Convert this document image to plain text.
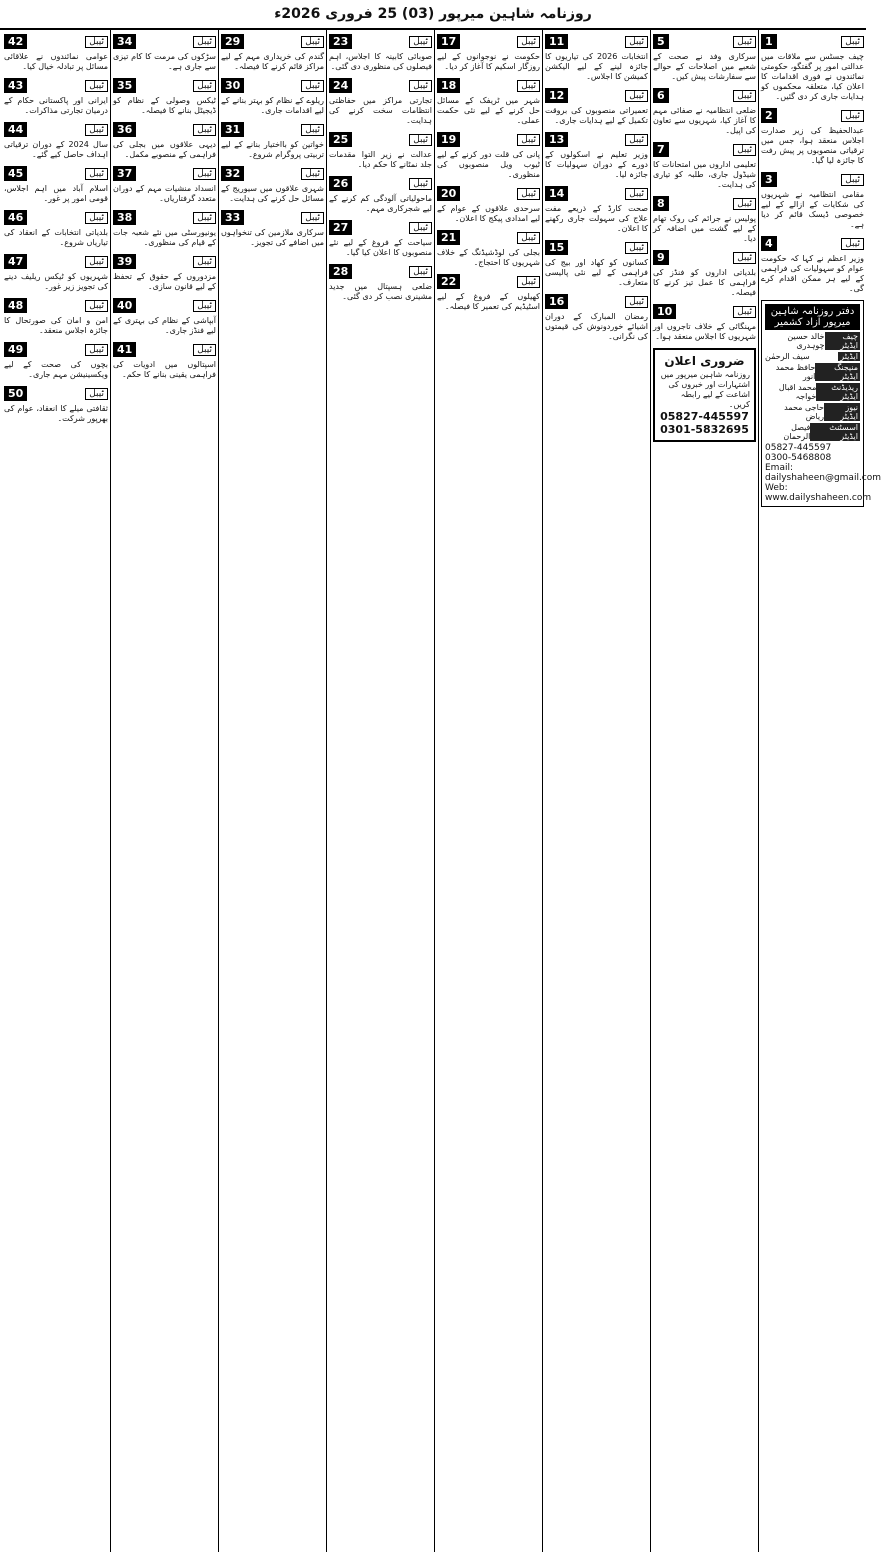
روزنامہ شاہین میرپور (03) 25 فروری 2026ء
ٹیبل
1
چیف جسٹس سے ملاقات میں عدالتی امور پر گفتگو، حکومتی نمائندوں نے فوری اقدامات کا اعلان کیا، متعلقہ محکموں کو ہدایات جاری کر دی گئیں۔
ٹیبل
2
عبدالحفیظ کی زیر صدارت اجلاس منعقد ہوا، جس میں ترقیاتی منصوبوں پر پیش رفت کا جائزہ لیا گیا۔
ٹیبل
3
مقامی انتظامیہ نے شہریوں کی شکایات کے ازالے کے لیے خصوصی ڈیسک قائم کر دیا ہے۔
ٹیبل
4
وزیر اعظم نے کہا کہ حکومت عوام کو سہولیات کی فراہمی کے لیے ہر ممکن اقدام کرے گی۔
دفتر روزنامہ شاہین میرپور آزاد کشمیر
چیف ایڈیٹر
خالد حسین چوہدری
ایڈیٹر
سیف الرحمٰن
منیجنگ ایڈیٹر
حافظ محمد انور
ریذیڈنٹ ایڈیٹر
محمد اقبال خواجہ
نیوز ایڈیٹر
حاجی محمد ریاض
اسسٹنٹ ایڈیٹر
فیصل الرحمان
05827-445597
0300-5468808
Email: dailyshaheen@gmail.com
Web: www.dailyshaheen.com
ٹیبل
5
سرکاری وفد نے صحت کے شعبے میں اصلاحات کے حوالے سے سفارشات پیش کیں۔
ٹیبل
6
ضلعی انتظامیہ نے صفائی مہم کا آغاز کیا، شہریوں سے تعاون کی اپیل۔
ٹیبل
7
تعلیمی اداروں میں امتحانات کا شیڈول جاری، طلبہ کو تیاری کی ہدایت۔
ٹیبل
8
پولیس نے جرائم کی روک تھام کے لیے گشت میں اضافہ کر دیا۔
ٹیبل
9
بلدیاتی اداروں کو فنڈز کی فراہمی کا عمل تیز کرنے کا فیصلہ۔
ٹیبل
10
مہنگائی کے خلاف تاجروں اور شہریوں کا اجلاس منعقد ہوا۔
ضروری اعلان
روزنامہ شاہین میرپور میں اشتہارات اور خبروں کی اشاعت کے لیے رابطہ کریں۔
05827-445597
0301-5832695
ٹیبل
11
انتخابات 2026 کی تیاریوں کا جائزہ لینے کے لیے الیکشن کمیشن کا اجلاس۔
ٹیبل
12
تعمیراتی منصوبوں کی بروقت تکمیل کے لیے ہدایات جاری۔
ٹیبل
13
وزیر تعلیم نے اسکولوں کے دورے کے دوران سہولیات کا جائزہ لیا۔
ٹیبل
14
صحت کارڈ کے ذریعے مفت علاج کی سہولت جاری رکھنے کا اعلان۔
ٹیبل
15
کسانوں کو کھاد اور بیج کی فراہمی کے لیے نئی پالیسی متعارف۔
ٹیبل
16
رمضان المبارک کے دوران اشیائے خوردونوش کی قیمتوں کی نگرانی۔
ٹیبل
17
حکومت نے نوجوانوں کے لیے روزگار اسکیم کا آغاز کر دیا۔
ٹیبل
18
شہر میں ٹریفک کے مسائل حل کرنے کے لیے نئی حکمت عملی۔
ٹیبل
19
پانی کی قلت دور کرنے کے لیے ٹیوب ویل منصوبوں کی منظوری۔
ٹیبل
20
سرحدی علاقوں کے عوام کے لیے امدادی پیکج کا اعلان۔
ٹیبل
21
بجلی کی لوڈشیڈنگ کے خلاف شہریوں کا احتجاج۔
ٹیبل
22
کھیلوں کے فروغ کے لیے اسٹیڈیم کی تعمیر کا فیصلہ۔
ٹیبل
23
صوبائی کابینہ کا اجلاس، اہم فیصلوں کی منظوری دی گئی۔
ٹیبل
24
تجارتی مراکز میں حفاظتی انتظامات سخت کرنے کی ہدایت۔
ٹیبل
25
عدالت نے زیر التوا مقدمات جلد نمٹانے کا حکم دیا۔
ٹیبل
26
ماحولیاتی آلودگی کم کرنے کے لیے شجرکاری مہم۔
ٹیبل
27
سیاحت کے فروغ کے لیے نئے منصوبوں کا اعلان کیا گیا۔
ٹیبل
28
ضلعی ہسپتال میں جدید مشینری نصب کر دی گئی۔
ٹیبل
29
گندم کی خریداری مہم کے لیے مراکز قائم کرنے کا فیصلہ۔
ٹیبل
30
ریلوے کے نظام کو بہتر بنانے کے لیے اقدامات جاری۔
ٹیبل
31
خواتین کو بااختیار بنانے کے لیے تربیتی پروگرام شروع۔
ٹیبل
32
شہری علاقوں میں سیوریج کے مسائل حل کرنے کی ہدایت۔
ٹیبل
33
سرکاری ملازمین کی تنخواہوں میں اضافے کی تجویز۔
ٹیبل
34
سڑکوں کی مرمت کا کام تیزی سے جاری ہے۔
ٹیبل
35
ٹیکس وصولی کے نظام کو ڈیجیٹل بنانے کا فیصلہ۔
ٹیبل
36
دیہی علاقوں میں بجلی کی فراہمی کے منصوبے مکمل۔
ٹیبل
37
انسداد منشیات مہم کے دوران متعدد گرفتاریاں۔
ٹیبل
38
یونیورسٹی میں نئے شعبہ جات کے قیام کی منظوری۔
ٹیبل
39
مزدوروں کے حقوق کے تحفظ کے لیے قانون سازی۔
ٹیبل
40
آبپاشی کے نظام کی بہتری کے لیے فنڈز جاری۔
ٹیبل
41
اسپتالوں میں ادویات کی فراہمی یقینی بنانے کا حکم۔
ٹیبل
42
عوامی نمائندوں نے علاقائی مسائل پر تبادلہ خیال کیا۔
ٹیبل
43
ایرانی اور پاکستانی حکام کے درمیان تجارتی مذاکرات۔
ٹیبل
44
سال 2024 کے دوران ترقیاتی اہداف حاصل کیے گئے۔
ٹیبل
45
اسلام آباد میں اہم اجلاس، قومی امور پر غور۔
ٹیبل
46
بلدیاتی انتخابات کے انعقاد کی تیاریاں شروع۔
ٹیبل
47
شہریوں کو ٹیکس ریلیف دینے کی تجویز زیر غور۔
ٹیبل
48
امن و امان کی صورتحال کا جائزہ اجلاس منعقد۔
ٹیبل
49
بچوں کی صحت کے لیے ویکسینیشن مہم جاری۔
ٹیبل
50
ثقافتی میلے کا انعقاد، عوام کی بھرپور شرکت۔
